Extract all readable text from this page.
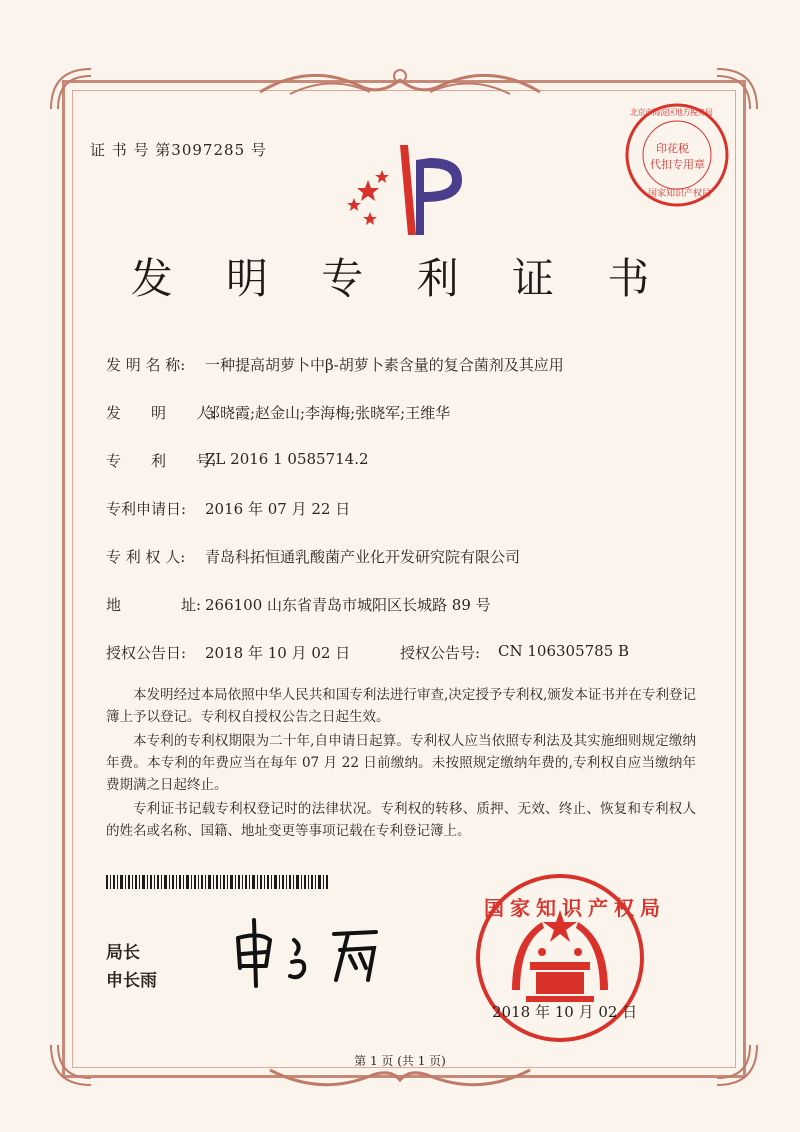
证 书 号 第3097285 号	印花税
代扣专用章
北京市海淀区地方税务局
国家知识产权局
发 明 专 利 证 书
发 明 名 称: 一种提高胡萝卜中β-胡萝卜素含量的复合菌剂及其应用
发　　明　　人:
邹晓霞;赵金山;李海梅;张晓军;王维华
专　　利　　号:
ZL 2016 1 0585714.2
专利申请日: 2016 年 07 月 22 日
专 利 权 人: 青岛科拓恒通乳酸菌产业化开发研究院有限公司
地　　　　址: 266100 山东省青岛市城阳区长城路 89 号
授权公告日: 2018 年 10 月 02 日	授权公告号: CN 106305785 B
本发明经过本局依照中华人民共和国专利法进行审查,决定授予专利权,颁发本证书并在专利登记簿上予以登记。专利权自授权公告之日起生效。
本专利的专利权期限为二十年,自申请日起算。专利权人应当依照专利法及其实施细则规定缴纳年费。本专利的年费应当在每年 07 月 22 日前缴纳。未按照规定缴纳年费的,专利权自应当缴纳年费期满之日起终止。
专利证书记载专利权登记时的法律状况。专利权的转移、质押、无效、终止、恢复和专利权人的姓名或名称、国籍、地址变更等事项记载在专利登记簿上。
局长
申长雨
国家知识产权局
2018 年 10 月 02 日
第 1 页 (共 1 页)
